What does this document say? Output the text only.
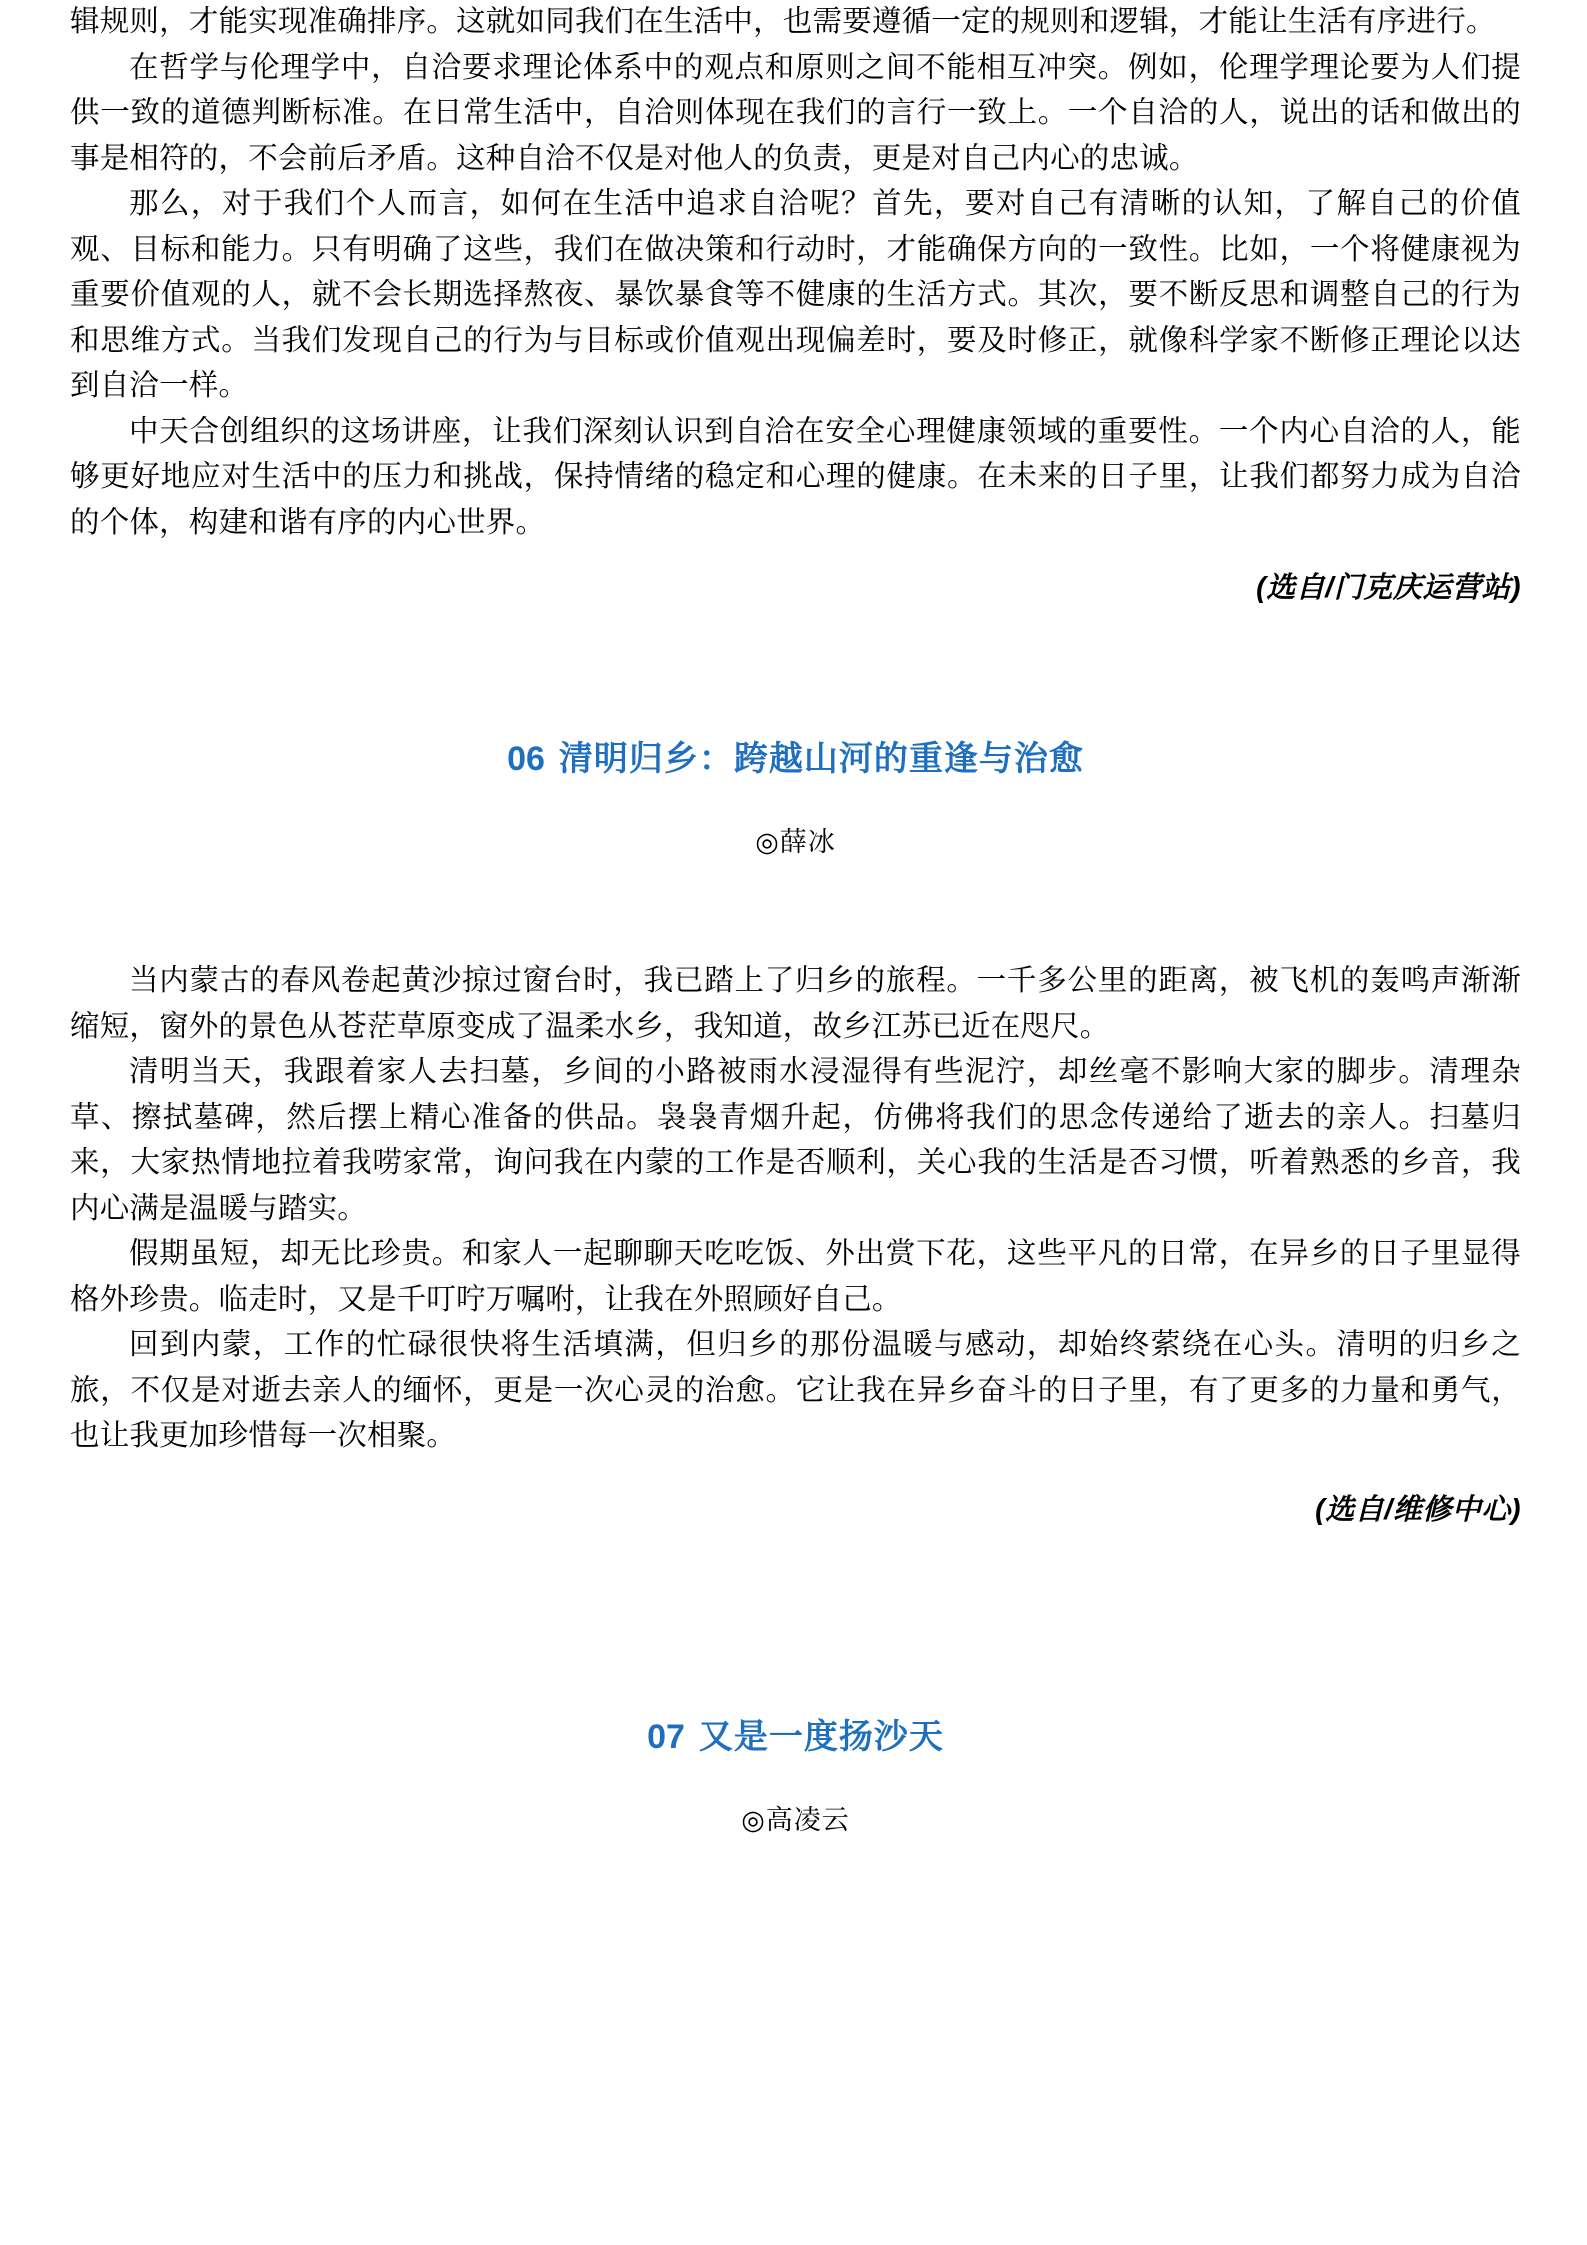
辑规则，才能实现准确排序。这就如同我们在生活中，也需要遵循一定的规则和逻辑，才能让生活有序进行。

在哲学与伦理学中，自洽要求理论体系中的观点和原则之间不能相互冲突。例如，伦理学理论要为人们提供一致的道德判断标准。在日常生活中，自洽则体现在我们的言行一致上。一个自洽的人，说出的话和做出的事是相符的，不会前后矛盾。这种自洽不仅是对他人的负责，更是对自己内心的忠诚。

那么，对于我们个人而言，如何在生活中追求自洽呢？首先，要对自己有清晰的认知，了解自己的价值观、目标和能力。只有明确了这些，我们在做决策和行动时，才能确保方向的一致性。比如，一个将健康视为重要价值观的人，就不会长期选择熬夜、暴饮暴食等不健康的生活方式。其次，要不断反思和调整自己的行为和思维方式。当我们发现自己的行为与目标或价值观出现偏差时，要及时修正，就像科学家不断修正理论以达到自洽一样。

中天合创组织的这场讲座，让我们深刻认识到自洽在安全心理健康领域的重要性。一个内心自洽的人，能够更好地应对生活中的压力和挑战，保持情绪的稳定和心理的健康。在未来的日子里，让我们都努力成为自洽的个体，构建和谐有序的内心世界。

(选自/门克庆运营站)

06 清明归乡：跨越山河的重逢与治愈

◎薛冰

当内蒙古的春风卷起黄沙掠过窗台时，我已踏上了归乡的旅程。一千多公里的距离，被飞机的轰鸣声渐渐缩短，窗外的景色从苍茫草原变成了温柔水乡，我知道，故乡江苏已近在咫尺。

清明当天，我跟着家人去扫墓，乡间的小路被雨水浸湿得有些泥泞，却丝毫不影响大家的脚步。清理杂草、擦拭墓碑，然后摆上精心准备的供品。袅袅青烟升起，仿佛将我们的思念传递给了逝去的亲人。扫墓归来，大家热情地拉着我唠家常，询问我在内蒙的工作是否顺利，关心我的生活是否习惯，听着熟悉的乡音，我内心满是温暖与踏实。

假期虽短，却无比珍贵。和家人一起聊聊天吃吃饭、外出赏下花，这些平凡的日常，在异乡的日子里显得格外珍贵。临走时，又是千叮咛万嘱咐，让我在外照顾好自己。

回到内蒙，工作的忙碌很快将生活填满，但归乡的那份温暖与感动，却始终萦绕在心头。清明的归乡之旅，不仅是对逝去亲人的缅怀，更是一次心灵的治愈。它让我在异乡奋斗的日子里，有了更多的力量和勇气，也让我更加珍惜每一次相聚。

(选自/维修中心)

07 又是一度扬沙天

◎高凌云
